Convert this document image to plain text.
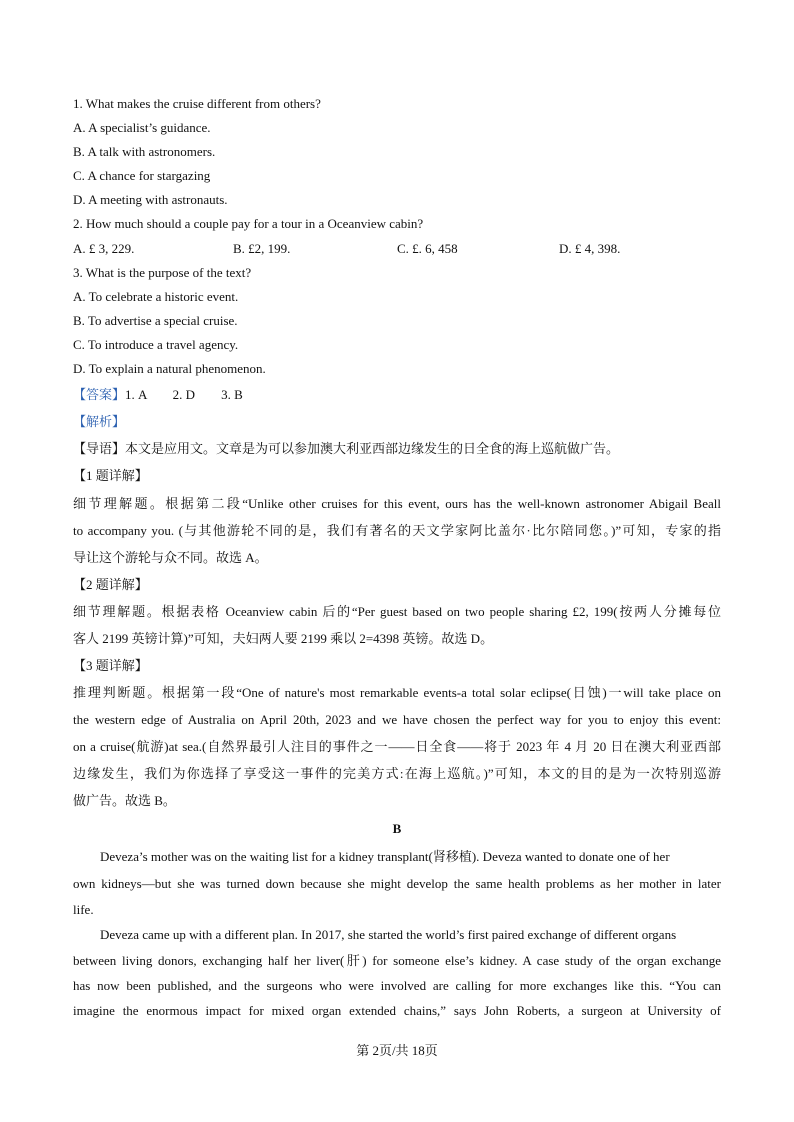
1. What makes the cruise different from others?
A. A specialist’s guidance.
B. A talk with astronomers.
C. A chance for stargazing
D. A meeting with astronauts.
2. How much should a couple pay for a tour in a Oceanview cabin?
A. £ 3, 229.	B. £2, 199.	C. £. 6, 458	D. £ 4, 398.
3. What is the purpose of the text?
A. To celebrate a historic event.
B. To advertise a special cruise.
C. To introduce a travel agency.
D. To explain a natural phenomenon.
【答案】1. A        2. D        3. B
【解析】
【导语】本文是应用文。文章是为可以参加澳大利亚西部边缘发生的日全食的海上巡航做广告。
【1 题详解】
细节理解题。根据第二段“Unlike other cruises for this event, ours has the well-known astronomer Abigail Beall
to accompany you. (与其他游轮不同的是，我们有著名的天文学家阿比盖尔·比尔陪同您。)”可知，专家的指
导让这个游轮与众不同。故选 A。
【2 题详解】
细节理解题。根据表格 Oceanview cabin 后的“Per guest based on two people sharing £2, 199(按两人分摊每位
客人 2199 英镑计算)”可知，夫妇两人要 2199 乘以 2=4398 英镑。故选 D。
【3 题详解】
推理判断题。根据第一段“One of nature's most remarkable events-a total solar eclipse(日蚀)一will take place on
the western edge of Australia on April 20th, 2023 and we have chosen the perfect way for you to enjoy this event:
on a cruise(航游)at sea.(自然界最引人注目的事件之一——日全食——将于 2023 年 4 月 20 日在澳大利亚西部
边缘发生，我们为你选择了享受这一事件的完美方式:在海上巡航。)”可知，本文的目的是为一次特别巡游
做广告。故选 B。
B
Deveza’s mother was on the waiting list for a kidney transplant(肾移植). Deveza wanted to donate one of her
own kidneys—but she was turned down because she might develop the same health problems as her mother in later
life.
Deveza came up with a different plan. In 2017, she started the world’s first paired exchange of different organs
between living donors, exchanging half her liver(肝) for someone else’s kidney. A case study of the organ exchange
has now been published, and the surgeons who were involved are calling for more exchanges like this. “You can
imagine the enormous impact for mixed organ extended chains,” says John Roberts, a surgeon at University of
第 2页/共 18页
